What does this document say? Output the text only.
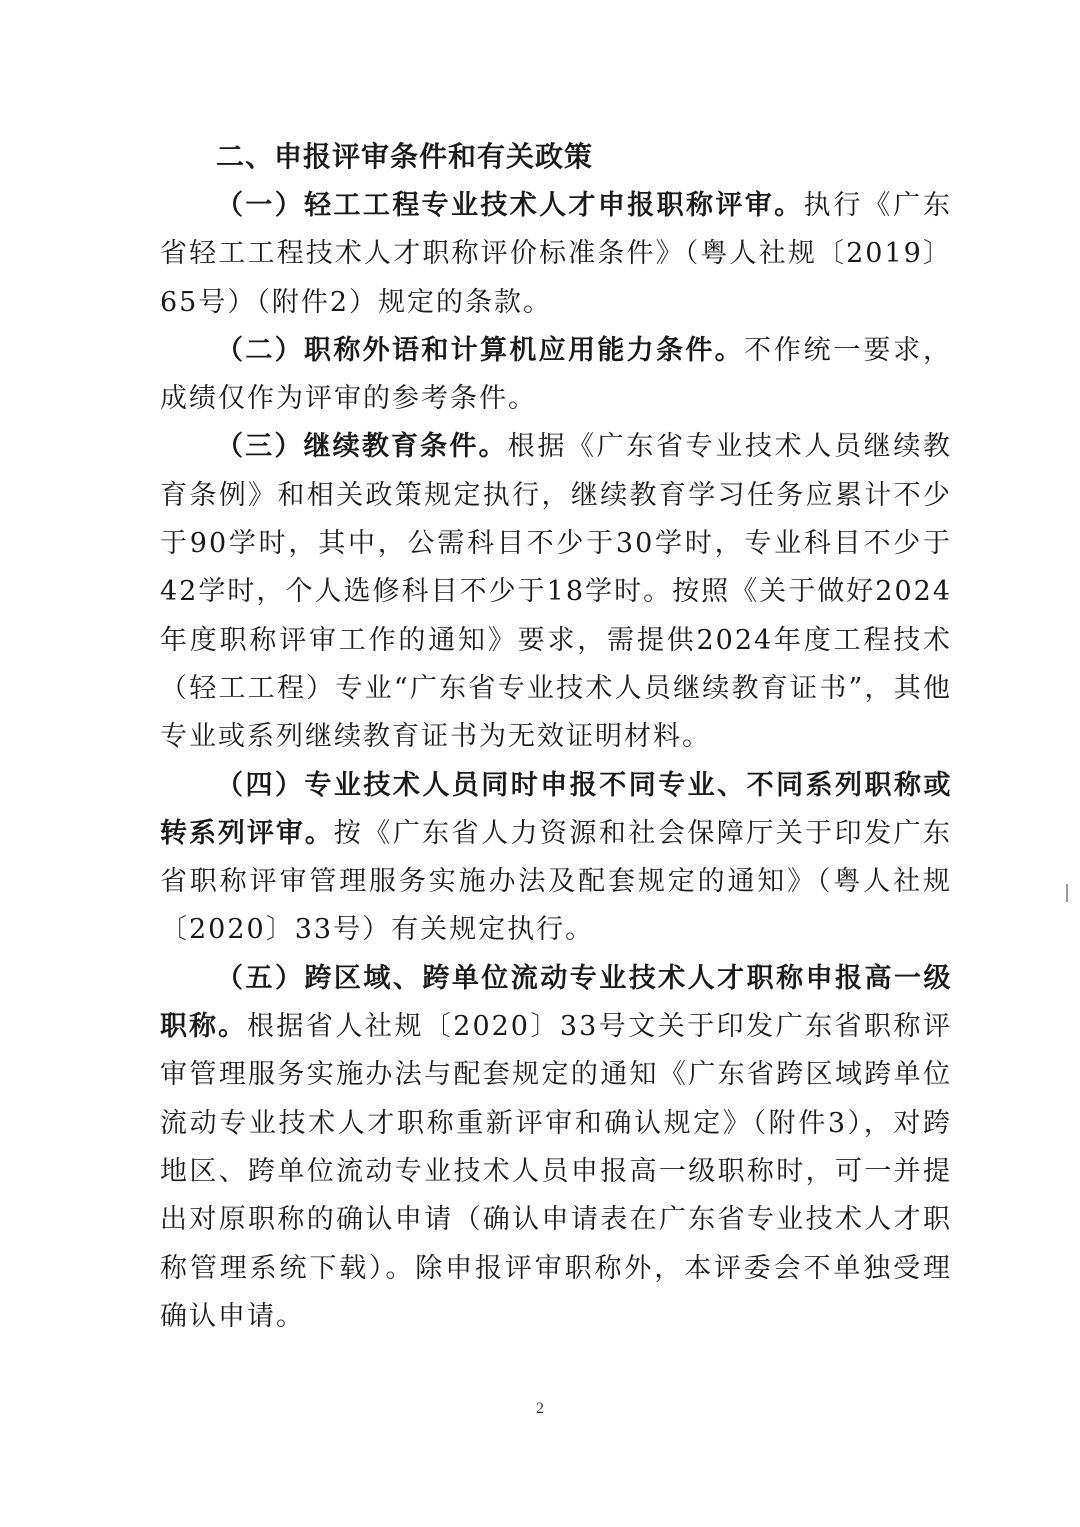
二、申报评审条件和有关政策

（一）轻工工程专业技术人才申报职称评审。执行《广东省轻工工程技术人才职称评价标准条件》（粤人社规〔2019〕65号）（附件2）规定的条款。

（二）职称外语和计算机应用能力条件。不作统一要求，成绩仅作为评审的参考条件。

（三）继续教育条件。根据《广东省专业技术人员继续教育条例》和相关政策规定执行，继续教育学习任务应累计不少于90学时，其中，公需科目不少于30学时，专业科目不少于42学时，个人选修科目不少于18学时。按照《关于做好2024年度职称评审工作的通知》要求，需提供2024年度工程技术（轻工工程）专业“广东省专业技术人员继续教育证书”，其他专业或系列继续教育证书为无效证明材料。

（四）专业技术人员同时申报不同专业、不同系列职称或转系列评审。按《广东省人力资源和社会保障厅关于印发广东省职称评审管理服务实施办法及配套规定的通知》（粤人社规〔2020〕33号）有关规定执行。

（五）跨区域、跨单位流动专业技术人才职称申报高一级职称。根据省人社规〔2020〕33号文关于印发广东省职称评审管理服务实施办法与配套规定的通知《广东省跨区域跨单位流动专业技术人才职称重新评审和确认规定》（附件3），对跨地区、跨单位流动专业技术人员申报高一级职称时，可一并提出对原职称的确认申请（确认申请表在广东省专业技术人才职称管理系统下载）。除申报评审职称外，本评委会不单独受理确认申请。

2
